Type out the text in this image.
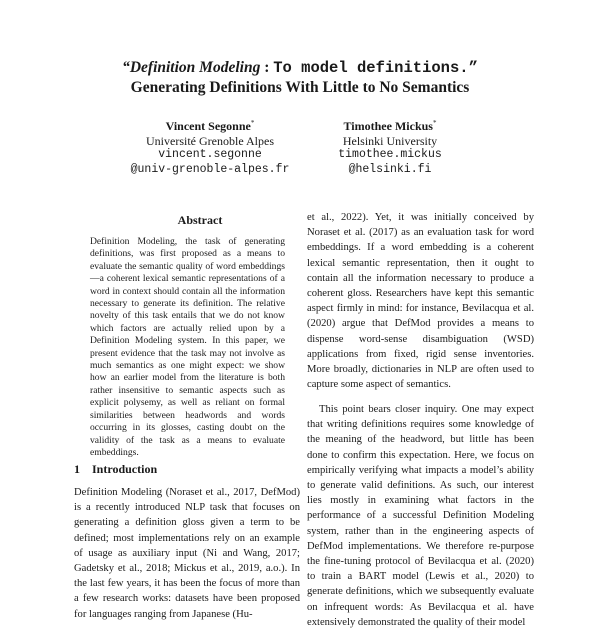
“Definition Modeling : To model definitions.”
Generating Definitions With Little to No Semantics
Vincent Segonne*
Université Grenoble Alpes
vincent.segonne
@univ-grenoble-alpes.fr
Timothee Mickus*
Helsinki University
timothee.mickus
@helsinki.fi
Abstract
Definition Modeling, the task of generating definitions, was first proposed as a means to evaluate the semantic quality of word embeddings—a coherent lexical semantic representations of a word in context should contain all the information necessary to generate its definition. The relative novelty of this task entails that we do not know which factors are actually relied upon by a Definition Modeling system. In this paper, we present evidence that the task may not involve as much semantics as one might expect: we show how an earlier model from the literature is both rather insensitive to semantic aspects such as explicit polysemy, as well as reliant on formal similarities between headwords and words occurring in its glosses, casting doubt on the validity of the task as a means to evaluate embeddings.
1 Introduction
Definition Modeling (Noraset et al., 2017, DefMod) is a recently introduced NLP task that focuses on generating a definition gloss given a term to be defined; most implementations rely on an example of usage as auxiliary input (Ni and Wang, 2017; Gadetsky et al., 2018; Mickus et al., 2019, a.o.). In the last few years, it has been the focus of more than a few research works: datasets have been proposed for languages ranging from Japanese (Hu-
et al., 2022). Yet, it was initially conceived by Noraset et al. (2017) as an evaluation task for word embeddings. If a word embedding is a coherent lexical semantic representation, then it ought to contain all the information necessary to produce a coherent gloss. Researchers have kept this semantic aspect firmly in mind: for instance, Bevilacqua et al. (2020) argue that DefMod provides a means to dispense word-sense disambiguation (WSD) applications from fixed, rigid sense inventories. More broadly, dictionaries in NLP are often used to capture some aspect of semantics.
This point bears closer inquiry. One may expect that writing definitions requires some knowledge of the meaning of the headword, but little has been done to confirm this expectation. Here, we focus on empirically verifying what impacts a model’s ability to generate valid definitions. As such, our interest lies mostly in examining what factors in the performance of a successful Definition Modeling system, rather than in the engineering aspects of DefMod implementations. We therefore re-purpose the fine-tuning protocol of Bevilacqua et al. (2020) to train a BART model (Lewis et al., 2020) to generate definitions, which we subsequently evaluate on infrequent words: As Bevilacqua et al. have extensively demonstrated the quality of their model
